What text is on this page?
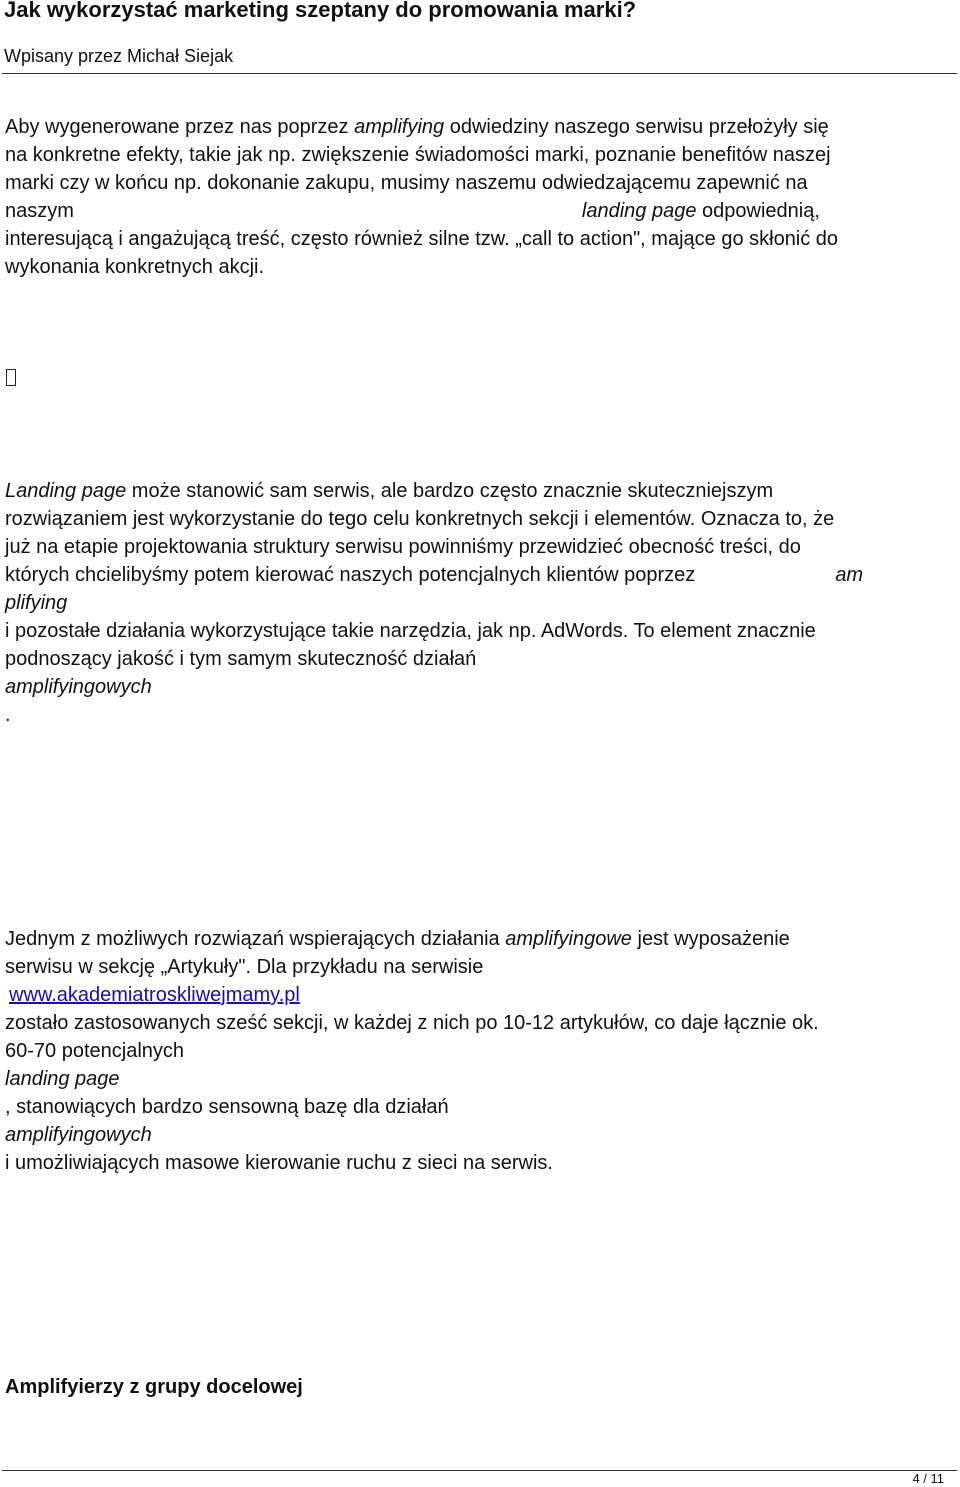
Jak wykorzystać marketing szeptany do promowania marki?
Wpisany przez Michał Siejak

Aby wygenerowane przez nas poprzez amplifying odwiedziny naszego serwisu przełożyły się

na konkretne efekty, takie jak np. zwiększenie świadomości marki, poznanie benefitów naszej

marki czy w końcu np. dokonanie zakupu, musimy naszemu odwiedzającemu zapewnić na

naszym	landing page odpowiednią,

interesującą i angażującą treść, często również silne tzw. „call to action", mające go skłonić do

wykonania konkretnych akcji.

Landing page może stanowić sam serwis, ale bardzo często znacznie skuteczniejszym

rozwiązaniem jest wykorzystanie do tego celu konkretnych sekcji i elementów. Oznacza to, że

już na etapie projektowania struktury serwisu powinniśmy przewidzieć obecność treści, do

których chcielibyśmy potem kierować naszych potencjalnych klientów poprzez	am

plifying

i pozostałe działania wykorzystujące takie narzędzia, jak np. AdWords. To element znacznie

podnoszący jakość i tym samym skuteczność działań

amplifyingowych

.

Jednym z możliwych rozwiązań wspierających działania amplifyingowe jest wyposażenie

serwisu w sekcję „Artykuły". Dla przykładu na serwisie

www.akademiatroskliwejmamy.pl

zostało zastosowanych sześć sekcji, w każdej z nich po 10-12 artykułów, co daje łącznie ok.

60-70 potencjalnych

landing page

, stanowiących bardzo sensowną bazę dla działań

amplifyingowych

i umożliwiających masowe kierowanie ruchu z sieci na serwis.

Amplifyierzy z grupy docelowej
4 / 11
